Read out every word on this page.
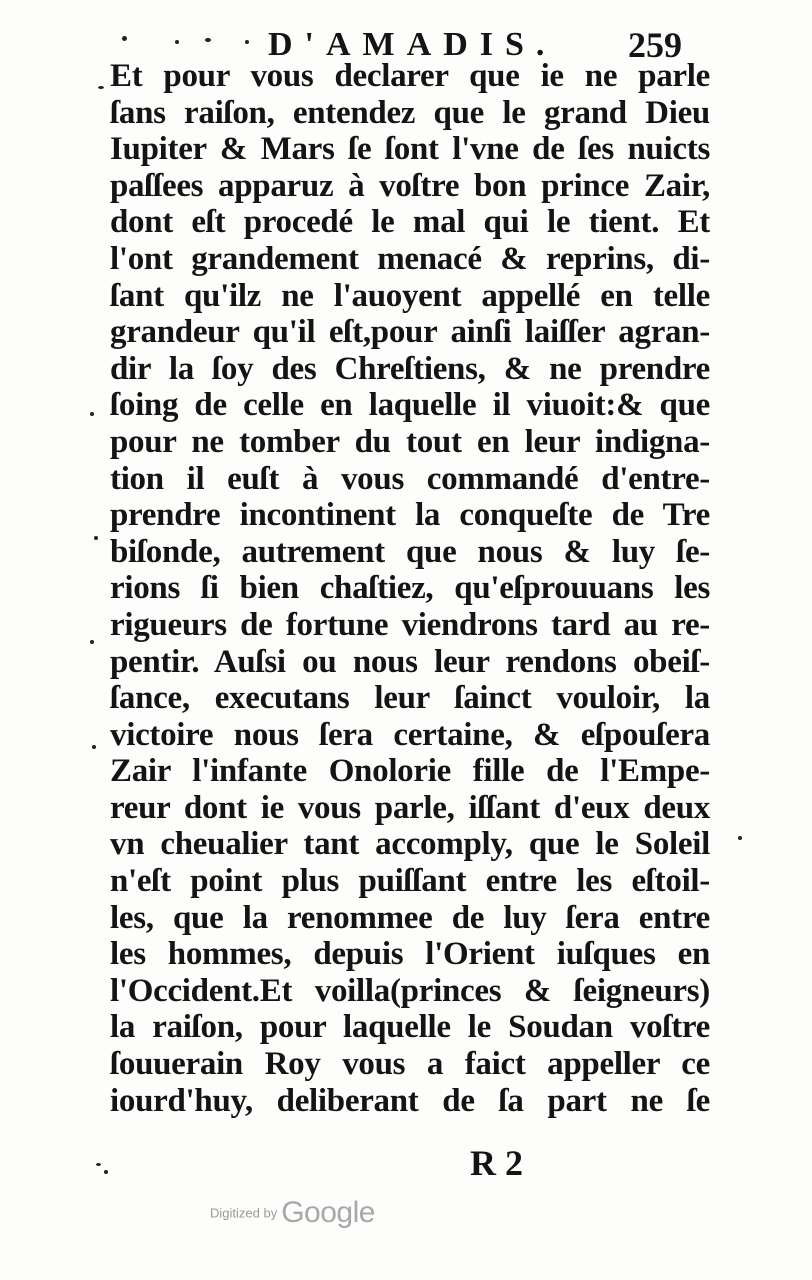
D'AMADIS. 259
Et pour vous declarer que ie ne parle
ſans raiſon, entendez que le grand Dieu
Iupiter & Mars ſe ſont l'vne de ſes nuicts
paſſees apparuz à voſtre bon prince Zair,
dont eſt procedé le mal qui le tient. Et
l'ont grandement menacé & reprins, di-
ſant qu'ilz ne l'auoyent appellé en telle
grandeur qu'il eſt,pour ainſi laiſſer agran-
dir la ſoy des Chreſtiens, & ne prendre
ſoing de celle en laquelle il viuoit:& que
pour ne tomber du tout en leur indigna-
tion il euſt à vous commandé d'entre-
prendre incontinent la conqueſte de Tre
biſonde, autrement que nous & luy ſe-
rions ſi bien chaſtiez, qu'eſprouuans les
rigueurs de fortune viendrons tard au re-
pentir. Auſsi ou nous leur rendons obeiſ-
ſance, executans leur ſainct vouloir, la
victoire nous ſera certaine, & eſpouſera
Zair l'infante Onolorie fille de l'Empe-
reur dont ie vous parle, iſſant d'eux deux
vn cheualier tant accomply, que le Soleil
n'eſt point plus puiſſant entre les eſtoil-
les, que la renommee de luy ſera entre
les hommes, depuis l'Orient iuſques en
l'Occident.Et voilla(princes & ſeigneurs)
la raiſon, pour laquelle le Soudan voſtre
ſouuerain Roy vous a faict appeller ce
iourd'huy, deliberant de ſa part ne ſe
R 2
Digitized by Google
